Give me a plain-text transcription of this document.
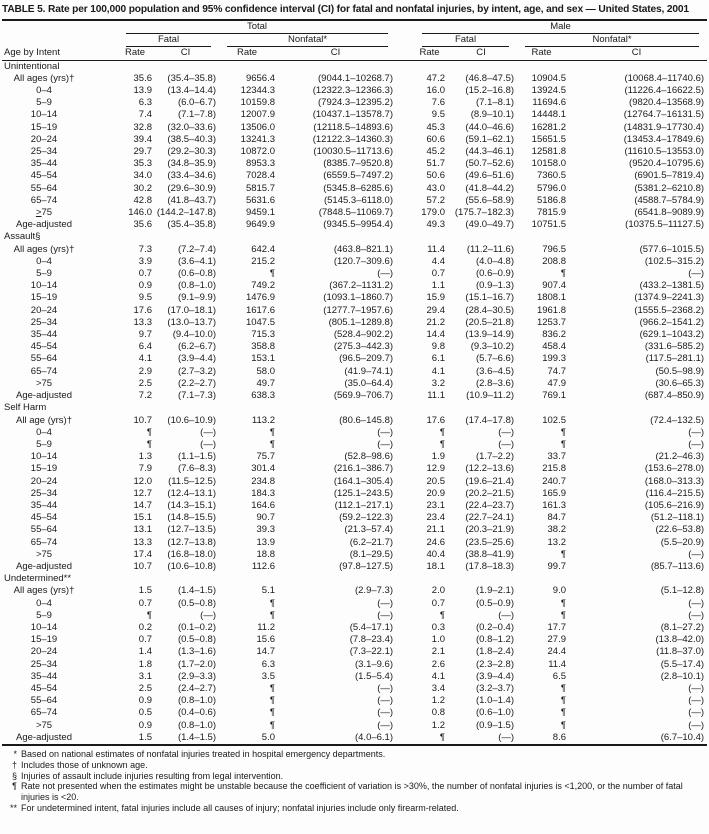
TABLE 5. Rate per 100,000 population and 95% confidence interval (CI) for fatal and nonfatal injuries, by intent, age, and sex — United States, 2001

	Total					Male			

	Fatal		Nonfatal*			Fatal		Nonfatal*	

Age by Intent	Rate	CI	Rate	CI		Rate	CI	Rate	CI
Unintentional									
All ages (yrs)†	35.6	(35.4–35.8)	9656.4	(9044.1–10268.7)		47.2	(46.8–47.5)	10904.5	(10068.4–11740.6)
0–4	13.9	(13.4–14.4)	12344.3	(12322.3–12366.3)		16.0	(15.2–16.8)	13924.5	(11226.4–16622.5)
5–9	6.3	(6.0–6.7)	10159.8	(7924.3–12395.2)		7.6	(7.1–8.1)	11694.6	(9820.4–13568.9)
10–14	7.4	(7.1–7.8)	12007.9	(10437.1–13578.7)		9.5	(8.9–10.1)	14448.1	(12764.7–16131.5)
15–19	32.8	(32.0–33.6)	13506.0	(12118.5–14893.6)		45.3	(44.0–46.6)	16281.2	(14831.9–17730.4)
20–24	39.4	(38.5–40.3)	13241.3	(12122.3–14360.3)		60.6	(59.1–62.1)	15651.5	(13453.4–17849.6)
25–34	29.7	(29.2–30.3)	10872.0	(10030.5–11713.6)		45.2	(44.3–46.1)	12581.8	(11610.5–13553.0)
35–44	35.3	(34.8–35.9)	8953.3	(8385.7–9520.8)		51.7	(50.7–52.6)	10158.0	(9520.4–10795.6)
45–54	34.0	(33.4–34.6)	7028.4	(6559.5–7497.2)		50.6	(49.6–51.6)	7360.5	(6901.5–7819.4)
55–64	30.2	(29.6–30.9)	5815.7	(5345.8–6285.6)		43.0	(41.8–44.2)	5796.0	(5381.2–6210.8)
65–74	42.8	(41.8–43.7)	5631.6	(5145.3–6118.0)		57.2	(55.6–58.9)	5186.8	(4588.7–5784.9)
>75	146.0	(144.2–147.8)	9459.1	(7848.5–11069.7)		179.0	(175.7–182.3)	7815.9	(6541.8–9089.9)
Age-adjusted	35.6	(35.4–35.8)	9649.9	(9345.5–9954.4)		49.3	(49.0–49.7)	10751.5	(10375.5–11127.5)
Assault§									
All ages (yrs)†	7.3	(7.2–7.4)	642.4	(463.8–821.1)		11.4	(11.2–11.6)	796.5	(577.6–1015.5)
0–4	3.9	(3.6–4.1)	215.2	(120.7–309.6)		4.4	(4.0–4.8)	208.8	(102.5–315.2)
5–9	0.7	(0.6–0.8)	¶	(—)		0.7	(0.6–0.9)	¶	(—)
10–14	0.9	(0.8–1.0)	749.2	(367.2–1131.2)		1.1	(0.9–1.3)	907.4	(433.2–1381.5)
15–19	9.5	(9.1–9.9)	1476.9	(1093.1–1860.7)		15.9	(15.1–16.7)	1808.1	(1374.9–2241.3)
20–24	17.6	(17.0–18.1)	1617.6	(1277.7–1957.6)		29.4	(28.4–30.5)	1961.8	(1555.5–2368.2)
25–34	13.3	(13.0–13.7)	1047.5	(805.1–1289.8)		21.2	(20.5–21.8)	1253.7	(966.2–1541.2)
35–44	9.7	(9.4–10.0)	715.3	(528.4–902.2)		14.4	(13.9–14.9)	836.2	(629.1–1043.2)
45–54	6.4	(6.2–6.7)	358.8	(275.3–442.3)		9.8	(9.3–10.2)	458.4	(331.6–585.2)
55–64	4.1	(3.9–4.4)	153.1	(96.5–209.7)		6.1	(5.7–6.6)	199.3	(117.5–281.1)
65–74	2.9	(2.7–3.2)	58.0	(41.9–74.1)		4.1	(3.6–4.5)	74.7	(50.5–98.9)
>75	2.5	(2.2–2.7)	49.7	(35.0–64.4)		3.2	(2.8–3.6)	47.9	(30.6–65.3)
Age-adjusted	7.2	(7.1–7.3)	638.3	(569.9–706.7)		11.1	(10.9–11.2)	769.1	(687.4–850.9)
Self Harm									
All age (yrs)†	10.7	(10.6–10.9)	113.2	(80.6–145.8)		17.6	(17.4–17.8)	102.5	(72.4–132.5)
0–4	¶	(—)	¶	(—)		¶	(—)	¶	(—)
5–9	¶	(—)	¶	(—)		¶	(—)	¶	(—)
10–14	1.3	(1.1–1.5)	75.7	(52.8–98.6)		1.9	(1.7–2.2)	33.7	(21.2–46.3)
15–19	7.9	(7.6–8.3)	301.4	(216.1–386.7)		12.9	(12.2–13.6)	215.8	(153.6–278.0)
20–24	12.0	(11.5–12.5)	234.8	(164.1–305.4)		20.5	(19.6–21.4)	240.7	(168.0–313.3)
25–34	12.7	(12.4–13.1)	184.3	(125.1–243.5)		20.9	(20.2–21.5)	165.9	(116.4–215.5)
35–44	14.7	(14.3–15.1)	164.6	(112.1–217.1)		23.1	(22.4–23.7)	161.3	(105.6–216.9)
45–54	15.1	(14.8–15.5)	90.7	(59.2–122.3)		23.4	(22.7–24.1)	84.7	(51.2–118.1)
55–64	13.1	(12.7–13.5)	39.3	(21.3–57.4)		21.1	(20.3–21.9)	38.2	(22.6–53.8)
65–74	13.3	(12.7–13.8)	13.9	(6.2–21.7)		24.6	(23.5–25.6)	13.2	(5.5–20.9)
>75	17.4	(16.8–18.0)	18.8	(8.1–29.5)		40.4	(38.8–41.9)	¶	(—)
Age-adjusted	10.7	(10.6–10.8)	112.6	(97.8–127.5)		18.1	(17.8–18.3)	99.7	(85.7–113.6)
Undetermined**									
All ages (yrs)†	1.5	(1.4–1.5)	5.1	(2.9–7.3)		2.0	(1.9–2.1)	9.0	(5.1–12.8)
0–4	0.7	(0.5–0.8)	¶	(—)		0.7	(0.5–0.9)	¶	(—)
5–9	¶	(—)	¶	(—)		¶	(—)	¶	(—)
10–14	0.2	(0.1–0.2)	11.2	(5.4–17.1)		0.3	(0.2–0.4)	17.7	(8.1–27.2)
15–19	0.7	(0.5–0.8)	15.6	(7.8–23.4)		1.0	(0.8–1.2)	27.9	(13.8–42.0)
20–24	1.4	(1.3–1.6)	14.7	(7.3–22.1)		2.1	(1.8–2.4)	24.4	(11.8–37.0)
25–34	1.8	(1.7–2.0)	6.3	(3.1–9.6)		2.6	(2.3–2.8)	11.4	(5.5–17.4)
35–44	3.1	(2.9–3.3)	3.5	(1.5–5.4)		4.1	(3.9–4.4)	6.5	(2.8–10.1)
45–54	2.5	(2.4–2.7)	¶	(—)		3.4	(3.2–3.7)	¶	(—)
55–64	0.9	(0.8–1.0)	¶	(—)		1.2	(1.0–1.4)	¶	(—)
65–74	0.5	(0.4–0.6)	¶	(—)		0.8	(0.6–1.0)	¶	(—)
>75	0.9	(0.8–1.0)	¶	(—)		1.2	(0.9–1.5)	¶	(—)
Age-adjusted	1.5	(1.4–1.5)	5.0	(4.0–6.1)		¶	(—)	8.6	(6.7–10.4)
* Based on national estimates of nonfatal injuries treated in hospital emergency departments.
† Includes those of unknown age.
§ Injuries of assault include injuries resulting from legal intervention.
¶ Rate not presented when the estimates might be unstable because the coefficient of variation is >30%, the number of nonfatal injuries is <1,200, or the number of fatal injuries is <20.
** For undetermined intent, fatal injuries include all causes of injury; nonfatal injuries include only firearm-related.
